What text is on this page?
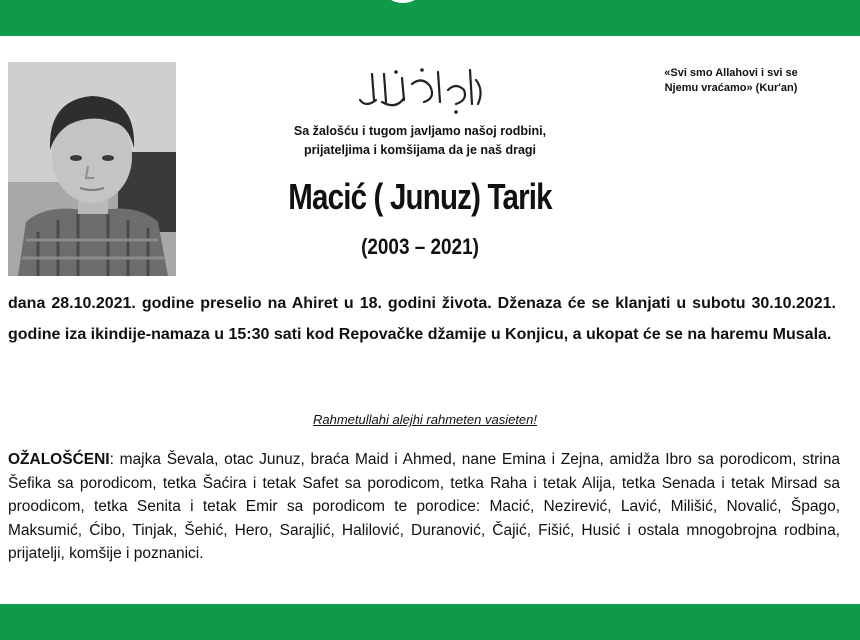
«Svi smo Allahovi i svi se
Njemu vraćamo» (Kur'an)
Sa žalošću i tugom javljamo našoj rodbini,
prijateljima i komšijama da je naš dragi
Macić ( Junuz) Tarik
(2003 – 2021)
dana 28.10.2021. godine preselio na Ahiret u 18. godini života. Dženaza će se klanjati u subotu 30.10.2021. godine iza ikindije-namaza u 15:30 sati kod Repovačke džamije u Konjicu, a ukopat će se na haremu Musala.
Rahmetullahi alejhi rahmeten vasieten!
OŽALOŠĆENI: majka Ševala, otac Junuz, braća Maid i Ahmed, nane Emina i Zejna, amidža Ibro sa porodicom, strina Šefika sa porodicom, tetka Šaćira i tetak Safet sa porodicom, tetka Raha i tetak Alija, tetka Senada i tetak Mirsad sa proodicom, tetka Senita i tetak Emir sa porodicom te porodice: Macić, Nezirević, Lavić, Milišić, Novalić, Špago, Maksumić, Ćibo, Tinjak, Šehić, Hero, Sarajlić, Halilović, Duranović, Čajić, Fišić, Husić i ostala mnogobrojna rodbina, prijatelji, komšije i poznanici.
